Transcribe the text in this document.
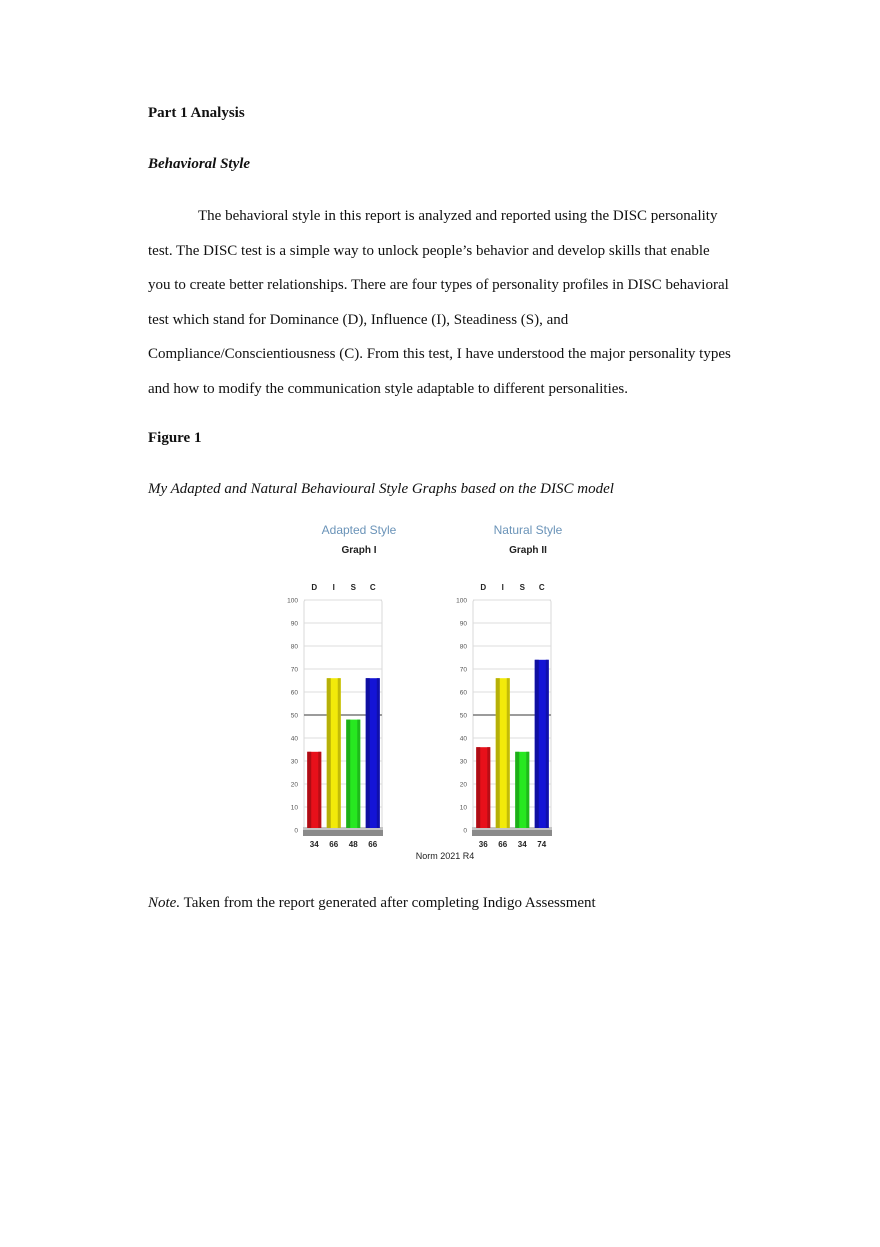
Part 1 Analysis
Behavioral Style
The behavioral style in this report is analyzed and reported using the DISC personality
test. The DISC test is a simple way to unlock people’s behavior and develop skills that enable
you to create better relationships. There are four types of personality profiles in DISC behavioral
test which stand for Dominance (D), Influence (I), Steadiness (S), and
Compliance/Conscientiousness (C). From this test, I have understood the major personality types
and how to modify the communication style adaptable to different personalities.

Figure 1

My Adapted and Natural Behavioural Style Graphs based on the DISC model

Adapted Style

Graph I

Natural Style

Graph II

0
10
20
30
40
50
60
70
80
90
100
D
34
I
66
S
48
C
66
0
10
20
30
40
50
60
70
80
90
100
D
36
I
66
S
34
C
74

Norm 2021 R4

Note. Taken from the report generated after completing Indigo Assessment
